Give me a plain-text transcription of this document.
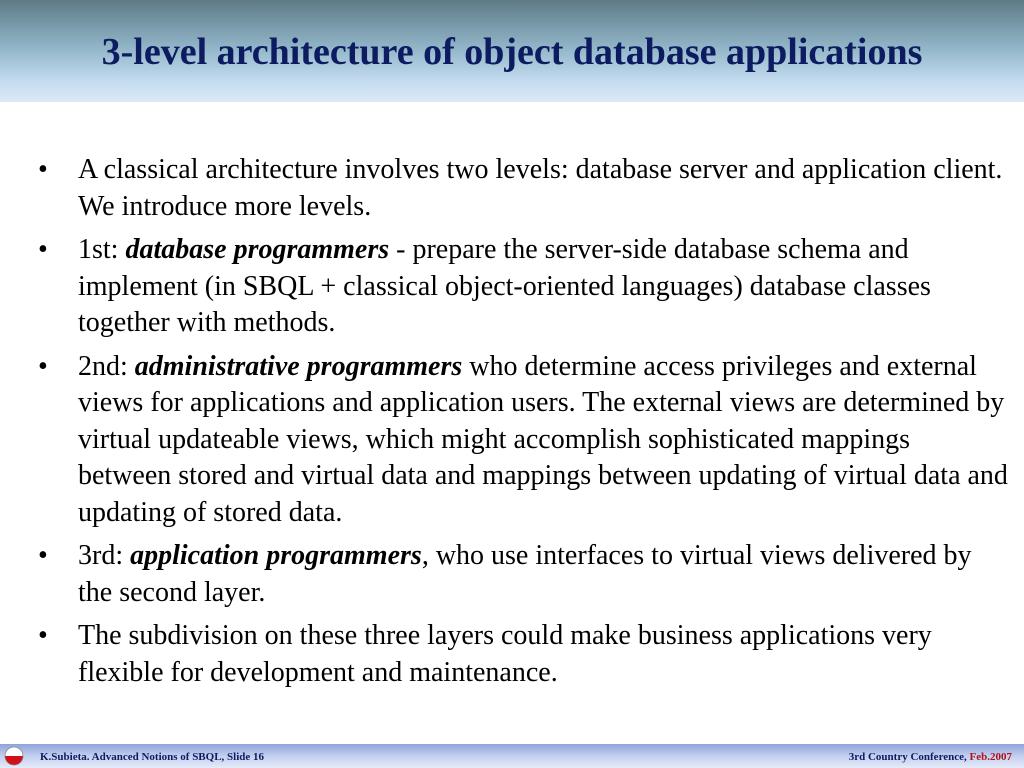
3-level architecture of object database applications
• A classical architecture involves two levels: database server and application client. We introduce more levels.
• 1st: database programmers - prepare the server-side database schema and implement (in SBQL + classical object-oriented languages) database classes together with methods.
• 2nd: administrative programmers who determine access privileges and external views for applications and application users. The external views are determined by virtual updateable views, which might accomplish sophisticated mappings between stored and virtual data and mappings between updating of virtual data and updating of stored data.
• 3rd: application programmers, who use interfaces to virtual views delivered by the second layer.
• The subdivision on these three layers could make business applications very flexible for development and maintenance.
K.Subieta. Advanced Notions of SBQL, Slide 16	3rd Country Conference, Feb.2007
